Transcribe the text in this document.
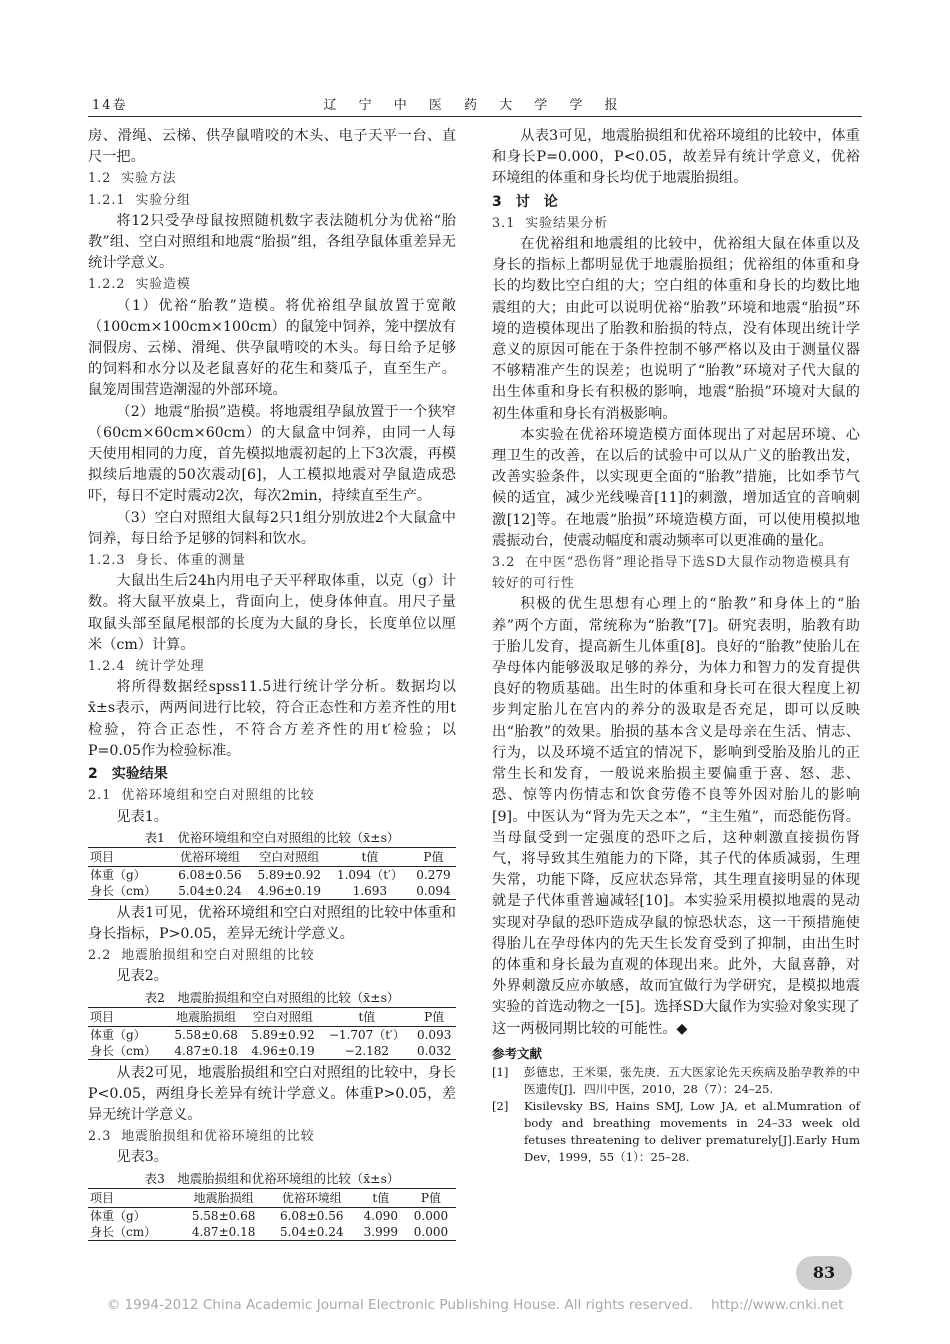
14卷	辽 宁 中 医 药 大 学 学 报

房、滑绳、云梯、供孕鼠啃咬的木头、电子天平一台、直尺一把。

1.2 实验方法
1.2.1 实验分组

将12只受孕母鼠按照随机数字表法随机分为优裕“胎教”组、空白对照组和地震“胎损”组，各组孕鼠体重差异无统计学意义。

1.2.2 实验造模

（1）优裕“胎教”造模。将优裕组孕鼠放置于宽敞（100cm×100cm×100cm）的鼠笼中饲养，笼中摆放有洞假房、云梯、滑绳、供孕鼠啃咬的木头。每日给予足够的饲料和水分以及老鼠喜好的花生和葵瓜子，直至生产。鼠笼周围营造潮湿的外部环境。

（2）地震“胎损”造模。将地震组孕鼠放置于一个狭窄（60cm×60cm×60cm）的大鼠盒中饲养，由同一人每天使用相同的力度，首先模拟地震初起的上下3次震，再模拟续后地震的50次震动[6]，人工模拟地震对孕鼠造成恐吓，每日不定时震动2次，每次2min，持续直至生产。

（3）空白对照组大鼠每2只1组分别放进2个大鼠盒中饲养，每日给予足够的饲料和饮水。

1.2.3 身长、体重的测量

大鼠出生后24h内用电子天平秤取体重，以克（g）计数。将大鼠平放桌上，背面向上，使身体伸直。用尺子量取鼠头部至鼠尾根部的长度为大鼠的身长，长度单位以厘米（cm）计算。

1.2.4 统计学处理

将所得数据经spss11.5进行统计学分析。数据均以x̄±s表示，两两间进行比较，符合正态性和方差齐性的用t检验，符合正态性，不符合方差齐性的用t′检验；以P=0.05作为检验标准。

2　实验结果
2.1 优裕环境组和空白对照组的比较

见表1。

表1　优裕环境组和空白对照组的比较（x̄±s）
项目	优裕环境组	空白对照组	t值	P值
体重（g）	6.08±0.56	5.89±0.92	1.094（t′）	0.279
身长（cm）	5.04±0.24	4.96±0.19	1.693	0.094

从表1可见，优裕环境组和空白对照组的比较中体重和身长指标，P>0.05，差异无统计学意义。

2.2 地震胎损组和空白对照组的比较

见表2。

表2　地震胎损组和空白对照组的比较（x̄±s）
项目	地震胎损组	空白对照组	t值	P值
体重（g）	5.58±0.68	5.89±0.92	−1.707（t′）	0.093
身长（cm）	4.87±0.18	4.96±0.19	−2.182	0.032

从表2可见，地震胎损组和空白对照组的比较中，身长P<0.05，两组身长差异有统计学意义。体重P>0.05，差异无统计学意义。

2.3 地震胎损组和优裕环境组的比较

见表3。

表3　地震胎损组和优裕环境组的比较（x̄±s）
项目	地震胎损组	优裕环境组	t值	P值
体重（g）	5.58±0.68	6.08±0.56	4.090	0.000
身长（cm）	4.87±0.18	5.04±0.24	3.999	0.000

从表3可见，地震胎损组和优裕环境组的比较中，体重和身长P=0.000，P<0.05，故差异有统计学意义，优裕环境组的体重和身长均优于地震胎损组。

3　讨　论
3.1 实验结果分析

在优裕组和地震组的比较中，优裕组大鼠在体重以及身长的指标上都明显优于地震胎损组；优裕组的体重和身长的均数比空白组的大；空白组的体重和身长的均数比地震组的大；由此可以说明优裕“胎教”环境和地震“胎损”环境的造模体现出了胎教和胎损的特点，没有体现出统计学意义的原因可能在于条件控制不够严格以及由于测量仪器不够精准产生的误差；也说明了“胎教”环境对子代大鼠的出生体重和身长有积极的影响，地震“胎损”环境对大鼠的初生体重和身长有消极影响。

本实验在优裕环境造模方面体现出了对起居环境、心理卫生的改善，在以后的试验中可以从广义的胎教出发，改善实验条件，以实现更全面的“胎教”措施，比如季节气候的适宜，减少光线噪音[11]的刺激，增加适宜的音响刺激[12]等。在地震“胎损”环境造模方面，可以使用模拟地震振动台，使震动幅度和震动频率可以更准确的量化。

3.2 在中医“恐伤肾”理论指导下选SD大鼠作动物造模具有较好的可行性

积极的优生思想有心理上的“胎教”和身体上的“胎养”两个方面，常统称为“胎教”[7]。研究表明，胎教有助于胎儿发育，提高新生儿体重[8]。良好的“胎教”使胎儿在孕母体内能够汲取足够的养分，为体力和智力的发育提供良好的物质基础。出生时的体重和身长可在很大程度上初步判定胎儿在宫内的养分的汲取是否充足，即可以反映出“胎教”的效果。胎损的基本含义是母亲在生活、情志、行为，以及环境不适宜的情况下，影响到受胎及胎儿的正常生长和发育，一般说来胎损主要偏重于喜、怒、悲、恐、惊等内伤情志和饮食劳倦不良等外因对胎儿的影响[9]。中医认为“肾为先天之本”，“主生殖”，而恐能伤肾。当母鼠受到一定强度的恐吓之后，这种刺激直接损伤肾气，将导致其生殖能力的下降，其子代的体质减弱，生理失常，功能下降，反应状态异常，其生理直接明显的体现就是子代体重普遍减轻[10]。本实验采用模拟地震的晃动实现对孕鼠的恐吓造成孕鼠的惊恐状态，这一干预措施使得胎儿在孕母体内的先天生长发育受到了抑制，由出生时的体重和身长最为直观的体现出来。此外，大鼠喜静，对外界刺激反应亦敏感，故而宜做行为学研究，是模拟地震实验的首选动物之一[5]。选择SD大鼠作为实验对象实现了这一两极同期比较的可能性。◆

参考文献
[1]	彭德忠，王米渠，张先庚．五大医家论先天疾病及胎孕教养的中医遗传[J]．四川中医，2010，28（7）：24–25.
[2]	Kisilevsky BS, Hains SMJ, Low JA, et al.Mumration of body and breathing movements in 24–33 week old fetuses threatening to deliver prematurely[J].Early Hum Dev，1999，55（1）：25–28.
83
© 1994-2012 China Academic Journal Electronic Publishing House. All rights reserved. http://www.cnki.net
